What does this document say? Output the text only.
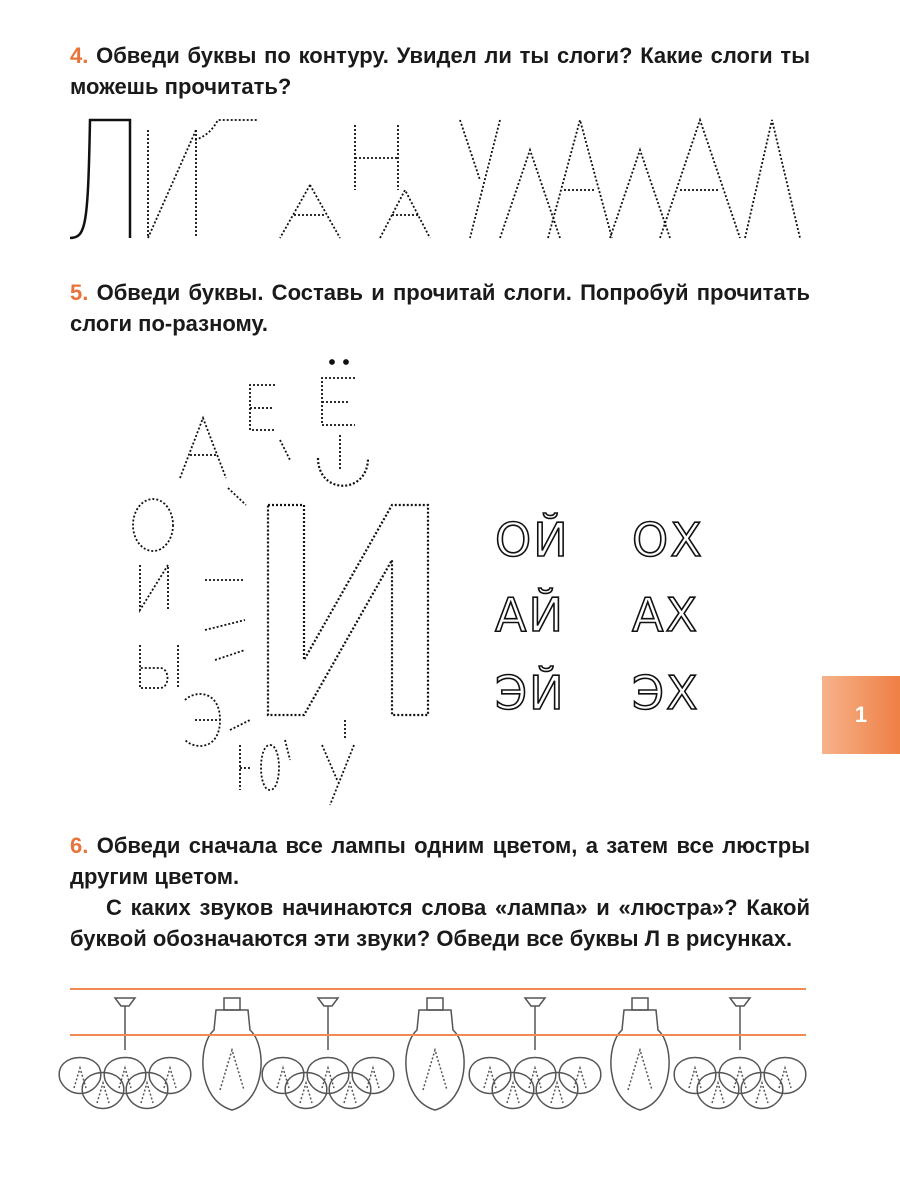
4. Обведи буквы по контуру. Увидел ли ты слоги? Какие слоги ты можешь прочитать?
5. Обведи буквы. Составь и прочитай слоги. Попробуй прочитать слоги по-разному.
ОЙ ОХ
АЙ АХ
ЭЙ ЭХ	1
6. Обведи сначала все лампы одним цветом, а затем все люстры другим цветом.
С каких звуков начинаются слова «лампа» и «люстра»? Какой буквой обозначаются эти звуки? Обведи все буквы Л в рисунках.
